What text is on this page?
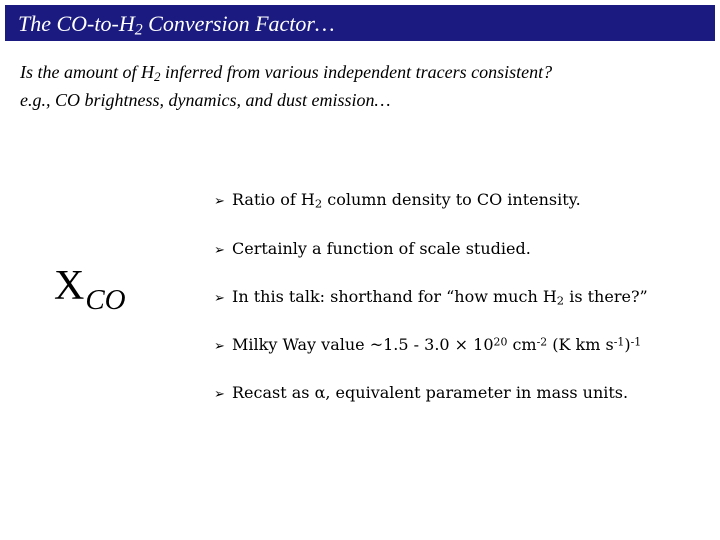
The $CO-to-H_2$ Conversion Factor…
Is the amount of $H_2$ inferred from various independent tracers consistent?
e.g., CO brightness, dynamics, and dust emission…
$X_{CO}$
➢ Ratio of $H_2$ column density to CO intensity.
➢ Certainly a function of scale studied.
➢ In this talk: shorthand for “how much $H_2$ is there?”
➢ Milky Way value ~1.5 - $3.0 \times 10^{20}$ $cm^{-2}$ (K km $s^{-1})^{-1}$
➢ Recast as α, equivalent parameter in mass units.
